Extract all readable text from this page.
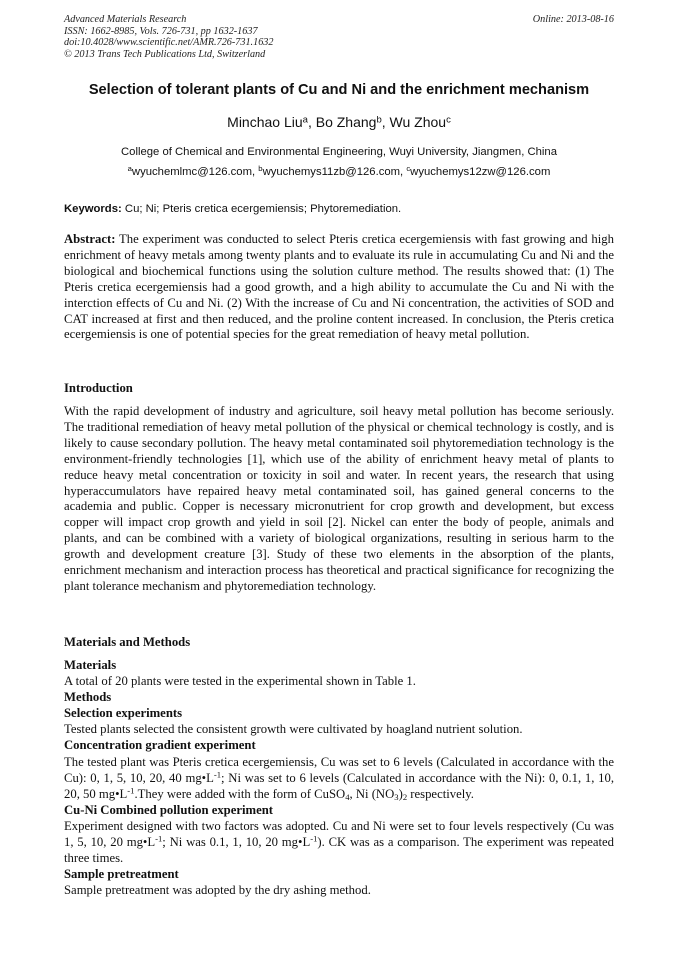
Advanced Materials Research
ISSN: 1662-8985, Vols. 726-731, pp 1632-1637
doi:10.4028/www.scientific.net/AMR.726-731.1632
© 2013 Trans Tech Publications Ltd, Switzerland
Online: 2013-08-16
Selection of tolerant plants of Cu and Ni and the enrichment mechanism
Minchao Liu$^a$, Bo Zhang$^b$, Wu Zhou$^c$
College of Chemical and Environmental Engineering, Wuyi University, Jiangmen, China
$^a$wyuchemlmc@126.com, $^b$wyuchemys11zb@126.com, $^c$wyuchemys12zw@126.com
Keywords: Cu; Ni; Pteris cretica ecergemiensis; Phytoremediation.
Abstract: The experiment was conducted to select Pteris cretica ecergemiensis with fast growing and high enrichment of heavy metals among twenty plants and to evaluate its rule in accumulating Cu and Ni and the biological and biochemical functions using the solution culture method. The results showed that: (1) The Pteris cretica ecergemiensis had a good growth, and a high ability to accumulate the Cu and Ni with the interction effects of Cu and Ni. (2) With the increase of Cu and Ni concentration, the activities of SOD and CAT increased at first and then reduced, and the proline content increased. In conclusion, the Pteris cretica ecergemiensis is one of potential species for the great remediation of heavy metal pollution.
Introduction
With the rapid development of industry and agriculture, soil heavy metal pollution has become seriously. The traditional remediation of heavy metal pollution of the physical or chemical technology is costly, and is likely to cause secondary pollution. The heavy metal contaminated soil phytoremediation technology is the environment-friendly technologies [1], which use of the ability of enrichment heavy metal of plants to reduce heavy metal concentration or toxicity in soil and water. In recent years, the research that using hyperaccumulators have repaired heavy metal contaminated soil, has gained general concerns to the academia and public. Copper is necessary micronutrient for crop growth and development, but excess copper will impact crop growth and yield in soil [2]. Nickel can enter the body of people, animals and plants, and can be combined with a variety of biological organizations, resulting in serious harm to the growth and development creature [3]. Study of these two elements in the absorption of the plants, enrichment mechanism and interaction process has theoretical and practical significance for recognizing the plant tolerance mechanism and phytoremediation technology.
Materials and Methods

Materials

A total of 20 plants were tested in the experimental shown in Table 1.

Methods

Selection experiments

Tested plants selected the consistent growth were cultivated by hoagland nutrient solution.

Concentration gradient experiment

The tested plant was Pteris cretica ecergemiensis, Cu was set to 6 levels (Calculated in accordance with the Cu): 0, 1, 5, 10, 20, 40 $mg•L^{-1}$; Ni was set to 6 levels (Calculated in accordance with the Ni): 0, 0.1, 1, 10, 20, 50 $mg•L^{-1}.They$ were added with the form of CuSO$_4$, Ni $(NO_3)_2$ respectively.

Cu-Ni Combined pollution experiment

Experiment designed with two factors was adopted. Cu and Ni were set to four levels respectively (Cu was 1, 5, 10, 20 $mg•L^{-1}$; Ni was 0.1, 1, 10, 20 $mg•L^{-1}$). CK was as a comparison. The experiment was repeated three times.

Sample pretreatment

Sample pretreatment was adopted by the dry ashing method.
